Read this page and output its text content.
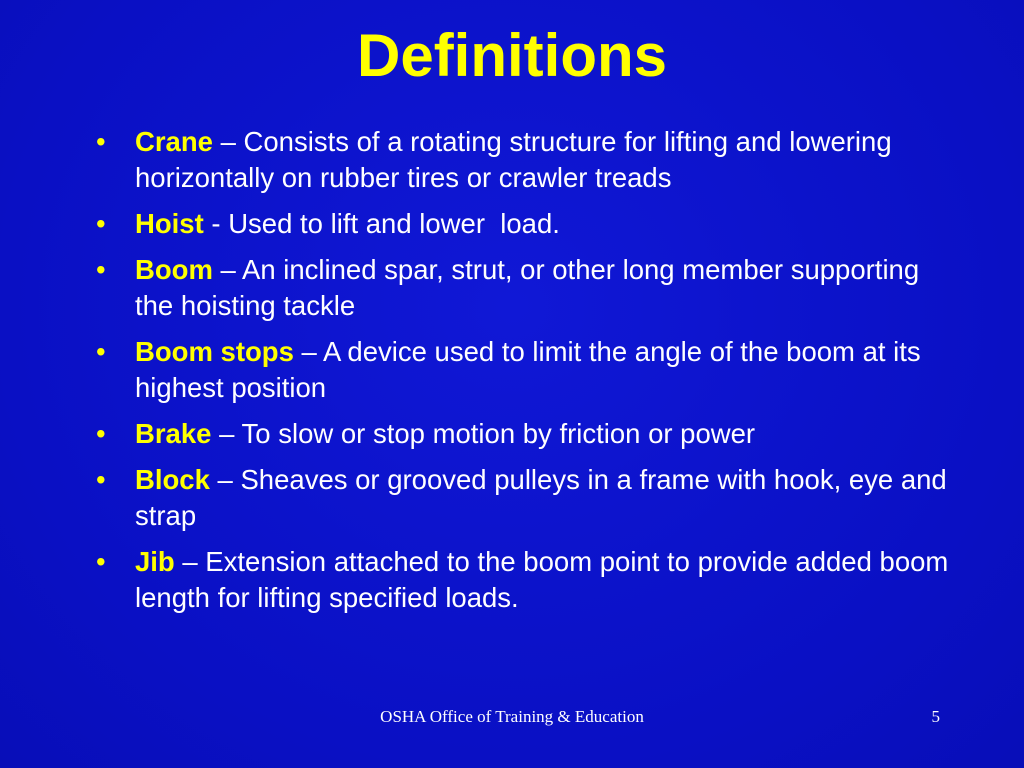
Definitions
• Crane – Consists of a rotating structure for lifting and lowering horizontally on rubber tires or crawler treads
• Hoist - Used to lift and lower  load.
• Boom – An inclined spar, strut, or other long member supporting the hoisting tackle
• Boom stops – A device used to limit the angle of the boom at its highest position
• Brake – To slow or stop motion by friction or power
• Block – Sheaves or grooved pulleys in a frame with hook, eye and strap
• Jib – Extension attached to the boom point to provide added boom length for lifting specified loads.
OSHA Office of Training & Education	5
